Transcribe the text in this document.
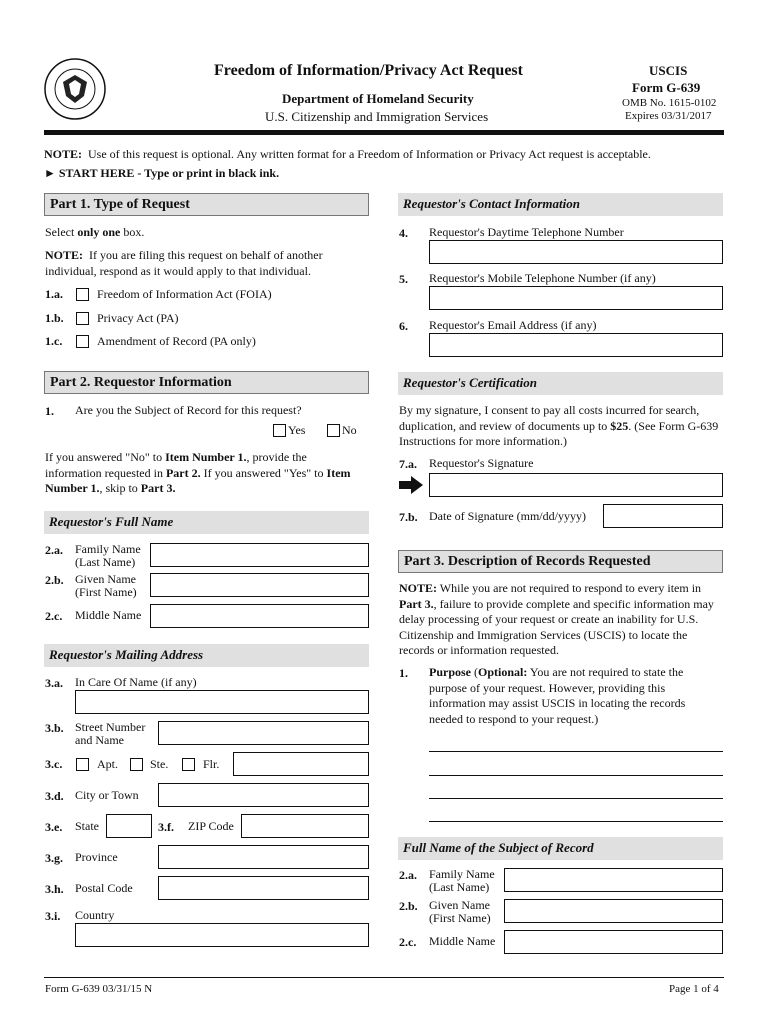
Freedom of Information/Privacy Act Request
Department of Homeland Security
U.S. Citizenship and Immigration Services
USCIS
Form G-639
OMB No. 1615-0102
Expires 03/31/2017
NOTE: Use of this request is optional. Any written format for a Freedom of Information or Privacy Act request is acceptable.
► START HERE - Type or print in black ink.
Part 1. Type of Request
Select only one box.

NOTE: If you are filing this request on behalf of another individual, respond as it would apply to that individual.

1.a.	Freedom of Information Act (FOIA)
1.b.	Privacy Act (PA)
1.c.	Amendment of Record (PA only)
Part 2. Requestor Information
1. Are you the Subject of Record for this request?
Yes	No

If you answered "No" to Item Number 1., provide the information requested in Part 2. If you answered "Yes" to Item Number 1., skip to Part 3.

Requestor's Full Name
2.a. Family Name
(Last Name)
2.b. Given Name
(First Name)
2.c. Middle Name
Requestor's Mailing Address
3.a. In Care Of Name (if any)
3.b. Street Number
and Name
3.c.	Apt.	Ste.	Flr.
3.d. City or Town
3.e. State	3.f. ZIP Code
3.g. Province
3.h. Postal Code
3.i. Country
Requestor's Contact Information
4. Requestor's Daytime Telephone Number
5. Requestor's Mobile Telephone Number (if any)
6. Requestor's Email Address (if any)
Requestor's Certification

By my signature, I consent to pay all costs incurred for search, duplication, and review of documents up to $25. (See Form G-639 Instructions for more information.)

7.a. Requestor's Signature
7.b. Date of Signature (mm/dd/yyyy)
Part 3. Description of Records Requested

NOTE: While you are not required to respond to every item in Part 3., failure to provide complete and specific information may delay processing of your request or create an inability for U.S. Citizenship and Immigration Services (USCIS) to locate the records or information requested.

1. Purpose (Optional: You are not required to state the purpose of your request. However, providing this information may assist USCIS in locating the records needed to respond to your request.)

Full Name of the Subject of Record
2.a. Family Name
(Last Name)
2.b. Given Name
(First Name)
2.c. Middle Name
Form G-639 03/31/15 N	Page 1 of 4
